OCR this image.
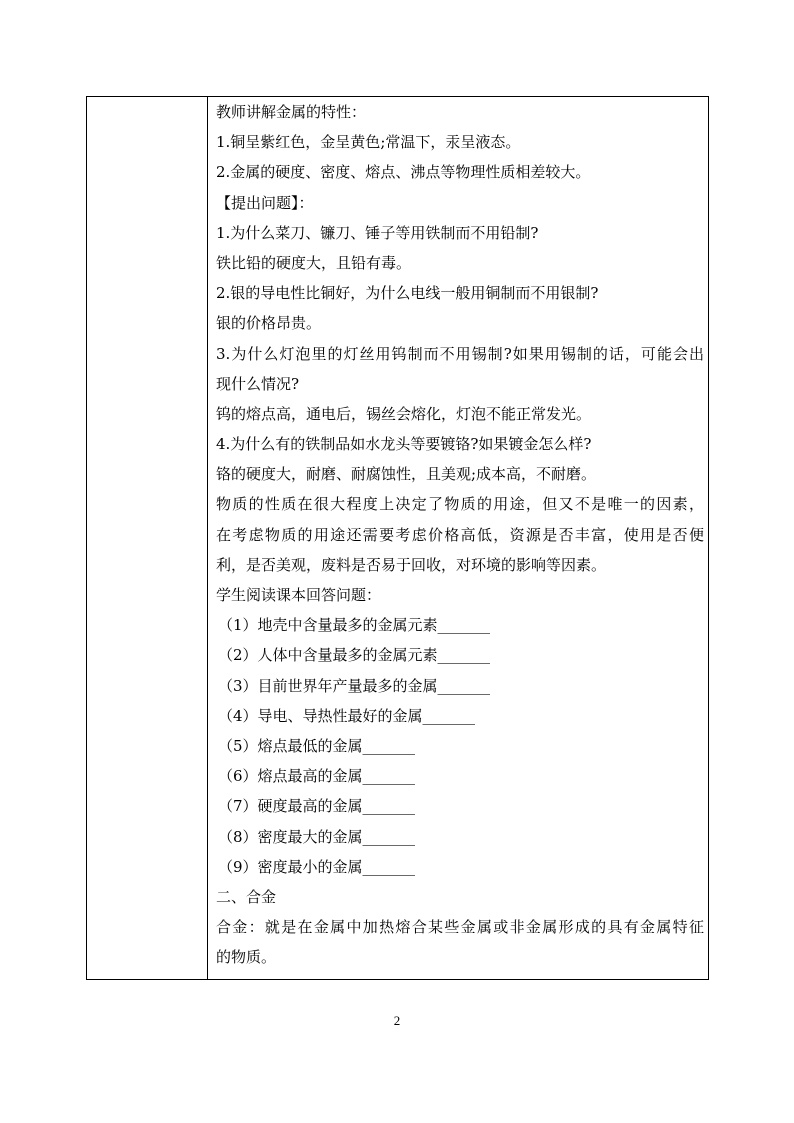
教师讲解金属的特性：
1.铜呈紫红色，金呈黄色;常温下，汞呈液态。
2.金属的硬度、密度、熔点、沸点等物理性质相差较大。
【提出问题】：
1.为什么菜刀、镰刀、锤子等用铁制而不用铅制?
铁比铅的硬度大，且铅有毒。
2.银的导电性比铜好，为什么电线一般用铜制而不用银制?
银的价格昂贵。
3.为什么灯泡里的灯丝用钨制而不用锡制?如果用锡制的话，可能会出
现什么情况?
钨的熔点高，通电后，锡丝会熔化，灯泡不能正常发光。
4.为什么有的铁制品如水龙头等要镀铬?如果镀金怎么样?
铬的硬度大，耐磨、耐腐蚀性，且美观;成本高，不耐磨。
物质的性质在很大程度上决定了物质的用途，但又不是唯一的因素，
在考虑物质的用途还需要考虑价格高低，资源是否丰富，使用是否便
利，是否美观，废料是否易于回收，对环境的影响等因素。
学生阅读课本回答问题：
（1）地壳中含量最多的金属元素_______
（2）人体中含量最多的金属元素_______
（3）目前世界年产量最多的金属_______
（4）导电、导热性最好的金属_______
（5）熔点最低的金属_______
（6）熔点最高的金属_______
（7）硬度最高的金属_______
（8）密度最大的金属_______
（9）密度最小的金属_______
二、合金
合金：就是在金属中加热熔合某些金属或非金属形成的具有金属特征
的物质。
2
